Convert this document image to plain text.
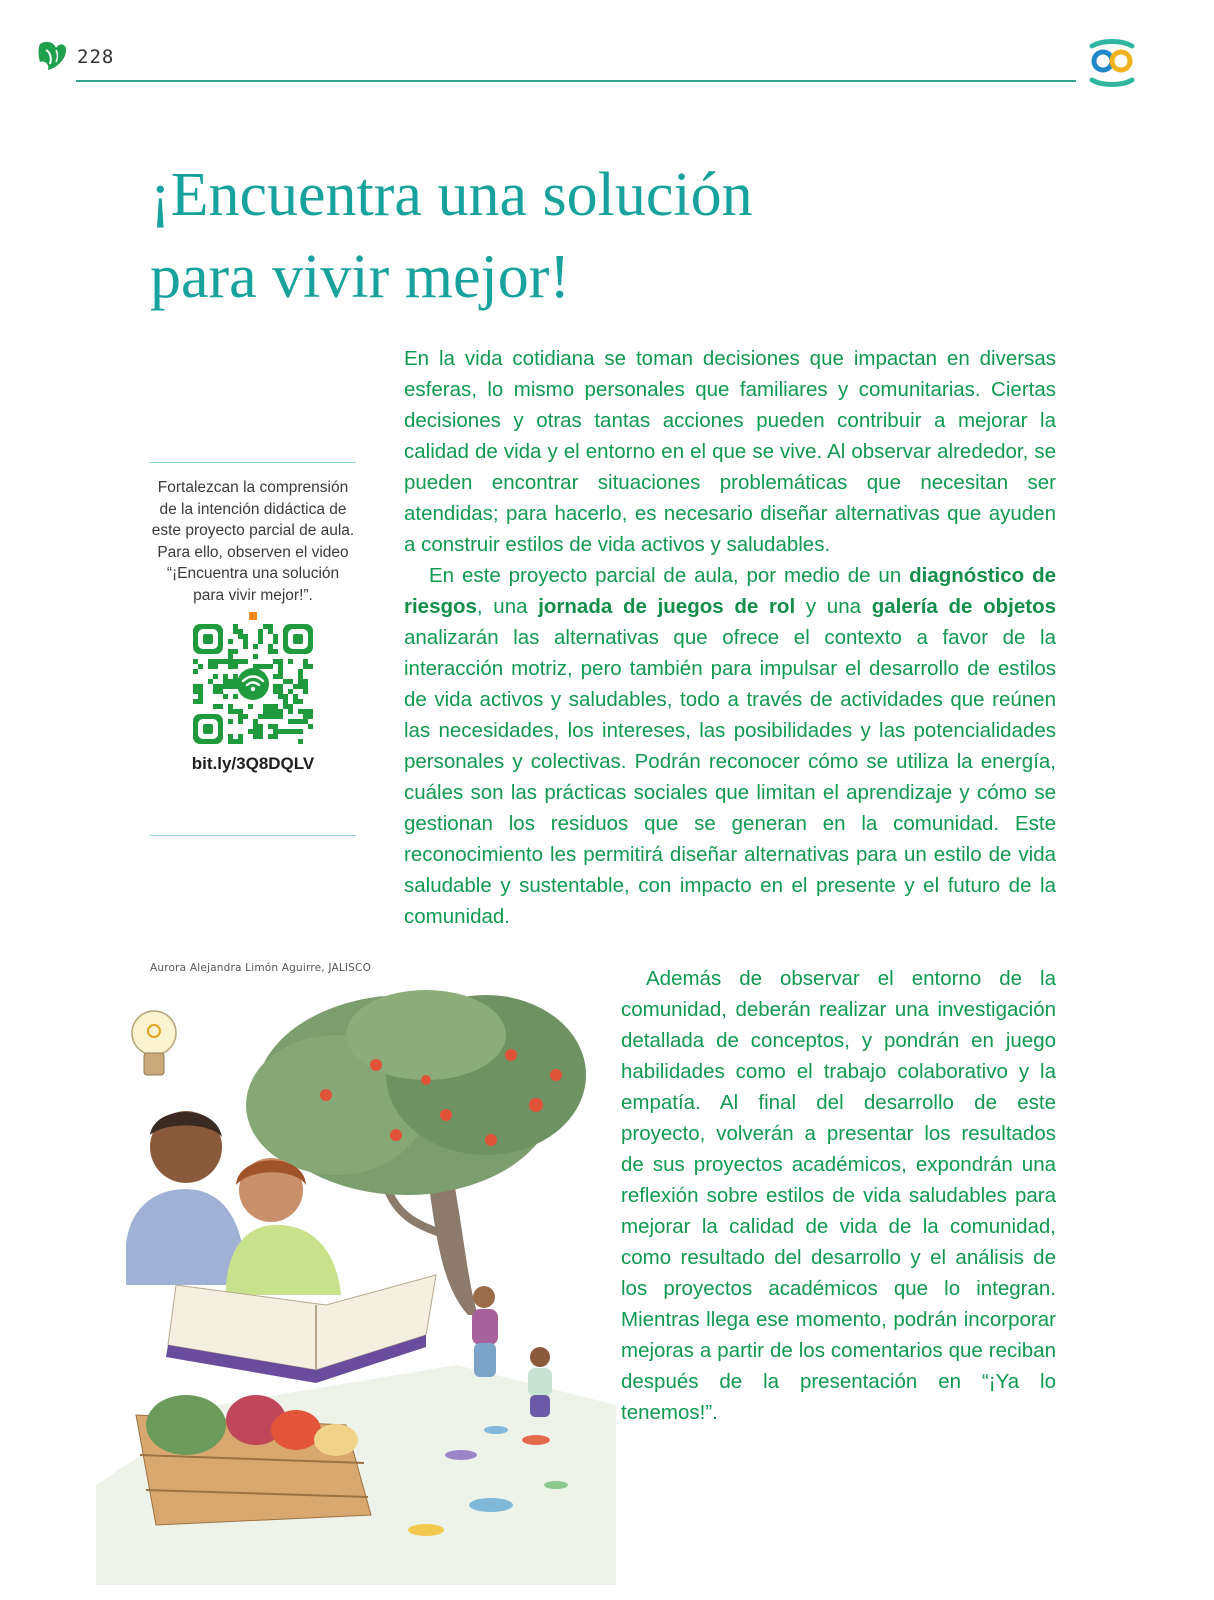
228
¡Encuentra una solución
para vivir mejor!

Fortalezcan la comprensión de la intención didáctica de este proyecto parcial de aula. Para ello, observen el video “¡Encuentra una solución para vivir mejor!”.

bit.ly/3Q8DQLV

En la vida cotidiana se toman decisiones que impactan en diversas esferas, lo mismo personales que familiares y comunitarias. Ciertas decisiones y otras tantas acciones pueden contribuir a mejorar la calidad de vida y el entorno en el que se vive. Al observar alrededor, se pueden encontrar situaciones problemáticas que necesitan ser atendidas; para hacerlo, es necesario diseñar alternativas que ayuden a construir estilos de vida activos y saludables.

En este proyecto parcial de aula, por medio de un diagnóstico de riesgos, una jornada de juegos de rol y una galería de objetos analizarán las alternativas que ofrece el contexto a favor de la interacción motriz, pero también para impulsar el desarrollo de estilos de vida activos y saludables, todo a través de actividades que reúnen las necesidades, los intereses, las posibilidades y las potencialidades personales y colectivas. Podrán reconocer cómo se utiliza la energía, cuáles son las prácticas sociales que limitan el aprendizaje y cómo se gestionan los residuos que se generan en la comunidad. Este reconocimiento les permitirá diseñar alternativas para un estilo de vida saludable y sustentable, con impacto en el presente y el futuro de la comunidad.

Además de observar el entorno de la comunidad, deberán realizar una investigación detallada de conceptos, y pondrán en juego habilidades como el trabajo colaborativo y la empatía. Al final del desarrollo de este proyecto, volverán a presentar los resultados de sus proyectos académicos, expondrán una reflexión sobre estilos de vida saludables para mejorar la calidad de vida de la comunidad, como resultado del desarrollo y el análisis de los proyectos académicos que lo integran. Mientras llega ese momento, podrán incorporar mejoras a partir de los comentarios que reciban después de la presentación en “¡Ya lo tenemos!”.

Aurora Alejandra Limón Aguirre, JALISCO
